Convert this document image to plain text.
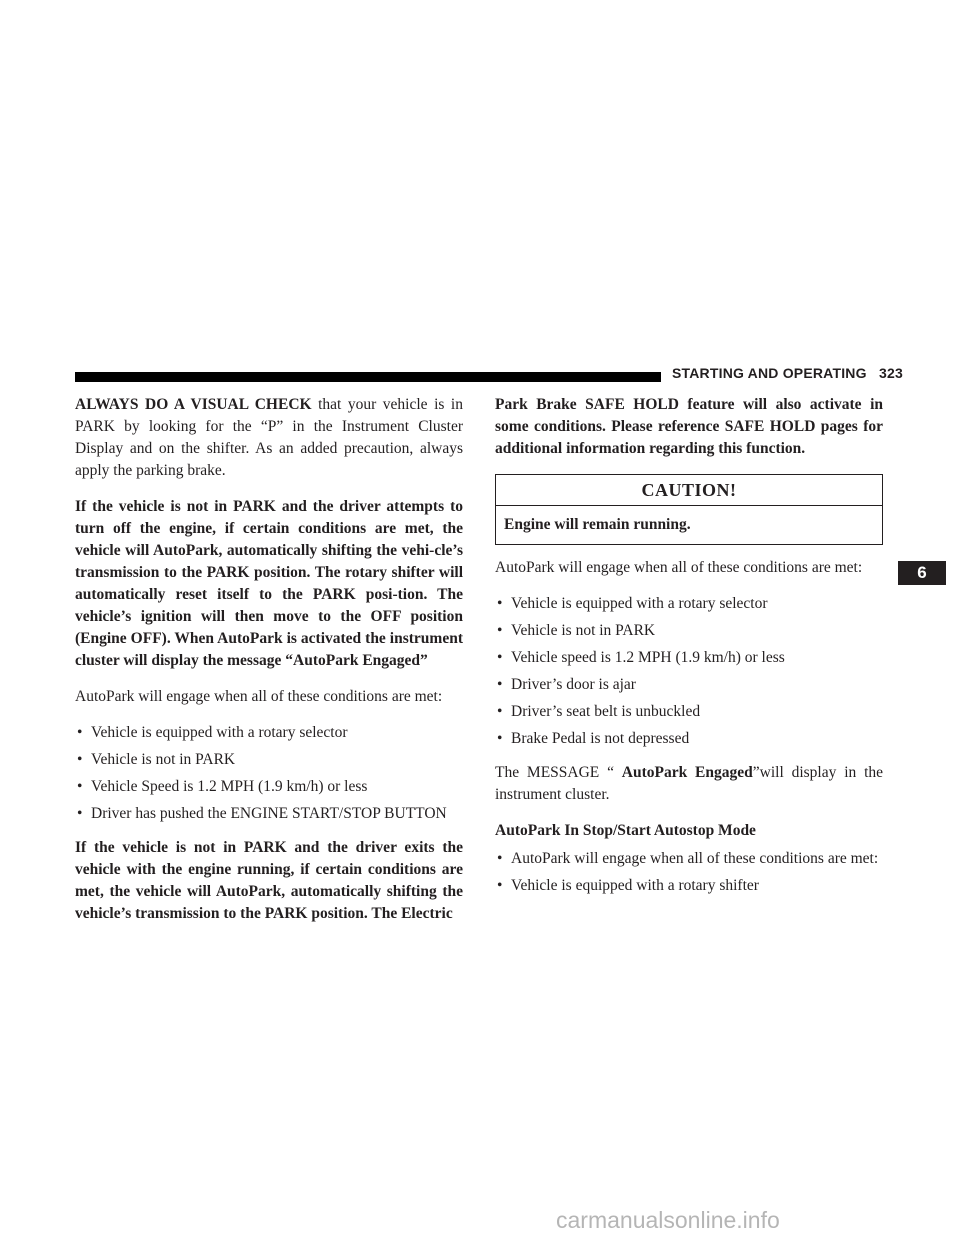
STARTING AND OPERATING 323

ALWAYS DO A VISUAL CHECK that your vehicle is in PARK by looking for the “P” in the Instrument Cluster Display and on the shifter. As an added precaution, always apply the parking brake.

If the vehicle is not in PARK and the driver attempts to turn off the engine, if certain conditions are met, the vehicle will AutoPark, automatically shifting the vehi-cle’s transmission to the PARK position. The rotary shifter will automatically reset itself to the PARK posi-tion. The vehicle’s ignition will then move to the OFF position (Engine OFF). When AutoPark is activated the instrument cluster will display the message “AutoPark Engaged”

AutoPark will engage when all of these conditions are met:

• Vehicle is equipped with a rotary selector
• Vehicle is not in PARK
• Vehicle Speed is 1.2 MPH (1.9 km/h) or less
• Driver has pushed the ENGINE START/STOP BUTTON

If the vehicle is not in PARK and the driver exits the vehicle with the engine running, if certain conditions are met, the vehicle will AutoPark, automatically shifting the vehicle’s transmission to the PARK position. The Electric

Park Brake SAFE HOLD feature will also activate in some conditions. Please reference SAFE HOLD pages for additional information regarding this function.

CAUTION!
Engine will remain running.

AutoPark will engage when all of these conditions are met:

• Vehicle is equipped with a rotary selector
• Vehicle is not in PARK
• Vehicle speed is 1.2 MPH (1.9 km/h) or less
• Driver’s door is ajar
• Driver’s seat belt is unbuckled
• Brake Pedal is not depressed

The MESSAGE “ AutoPark Engaged”will display in the instrument cluster.

AutoPark In Stop/Start Autostop Mode

• AutoPark will engage when all of these conditions are met:
• Vehicle is equipped with a rotary shifter
6
carmanualsonline.info
